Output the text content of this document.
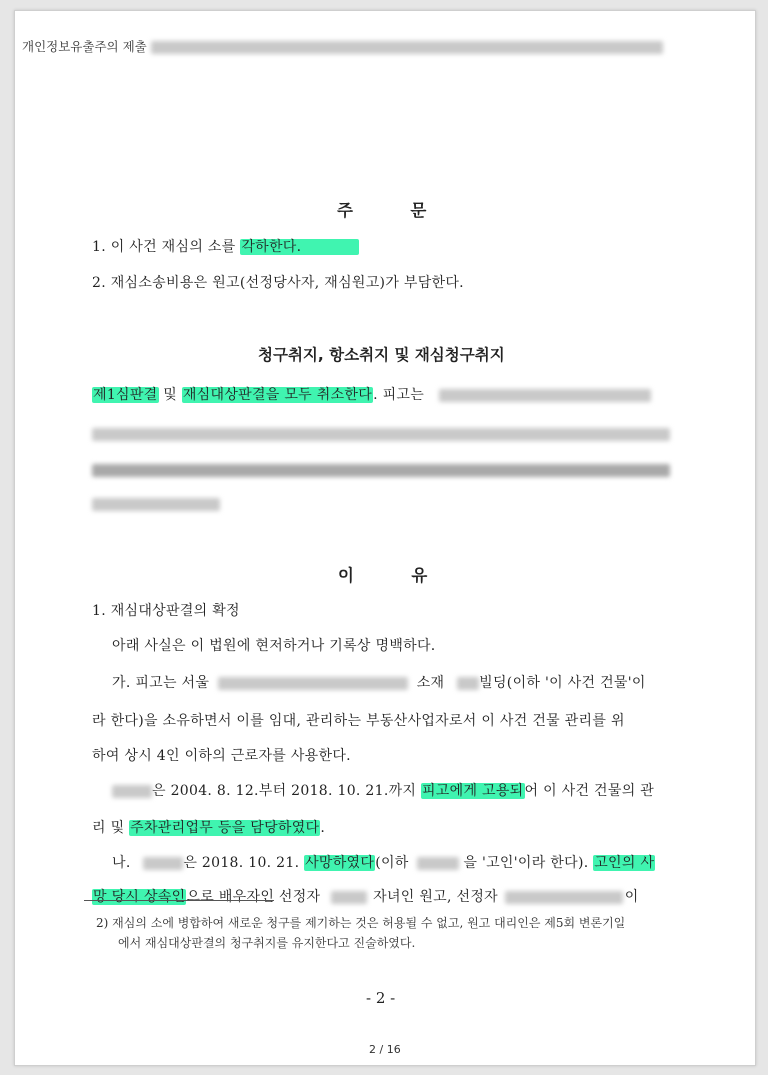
개인정보유출주의 제출
주          문
1. 이 사건 재심의 소를 각하한다.
2. 재심소송비용은 원고(선정당사자, 재심원고)가 부담한다.
청구취지, 항소취지 및 재심청구취지
제1심판결 및 재심대상판결을 모두 취소한다. 피고는
이          유
1. 재심대상판결의 확정
아래 사실은 이 법원에 현저하거나 기록상 명백하다.
가. 피고는 서울	소재 빌딩(이하 '이 사건 건물'이
라 한다)을 소유하면서 이를 임대, 관리하는 부동산사업자로서 이 사건 건물 관리를 위
하여 상시 4인 이하의 근로자를 사용한다.
은 2004. 8. 12.부터 2018. 10. 21.까지 피고에게 고용되어 이 사건 건물의 관
리 및 주차관리업무 등을 담당하였다.
나.	은 2018. 10. 21. 사망하였다(이하	을 '고인'이라 한다). 고인의 사
망 당시 상속인으로 배우자인 선정자	자녀인 원고, 선정자	이
2) 재심의 소에 병합하여 새로운 청구를 제기하는 것은 허용될 수 없고, 원고 대리인은 제5회 변론기일
에서 재심대상판결의 청구취지를 유지한다고 진술하였다.
- 2 -
2 / 16
